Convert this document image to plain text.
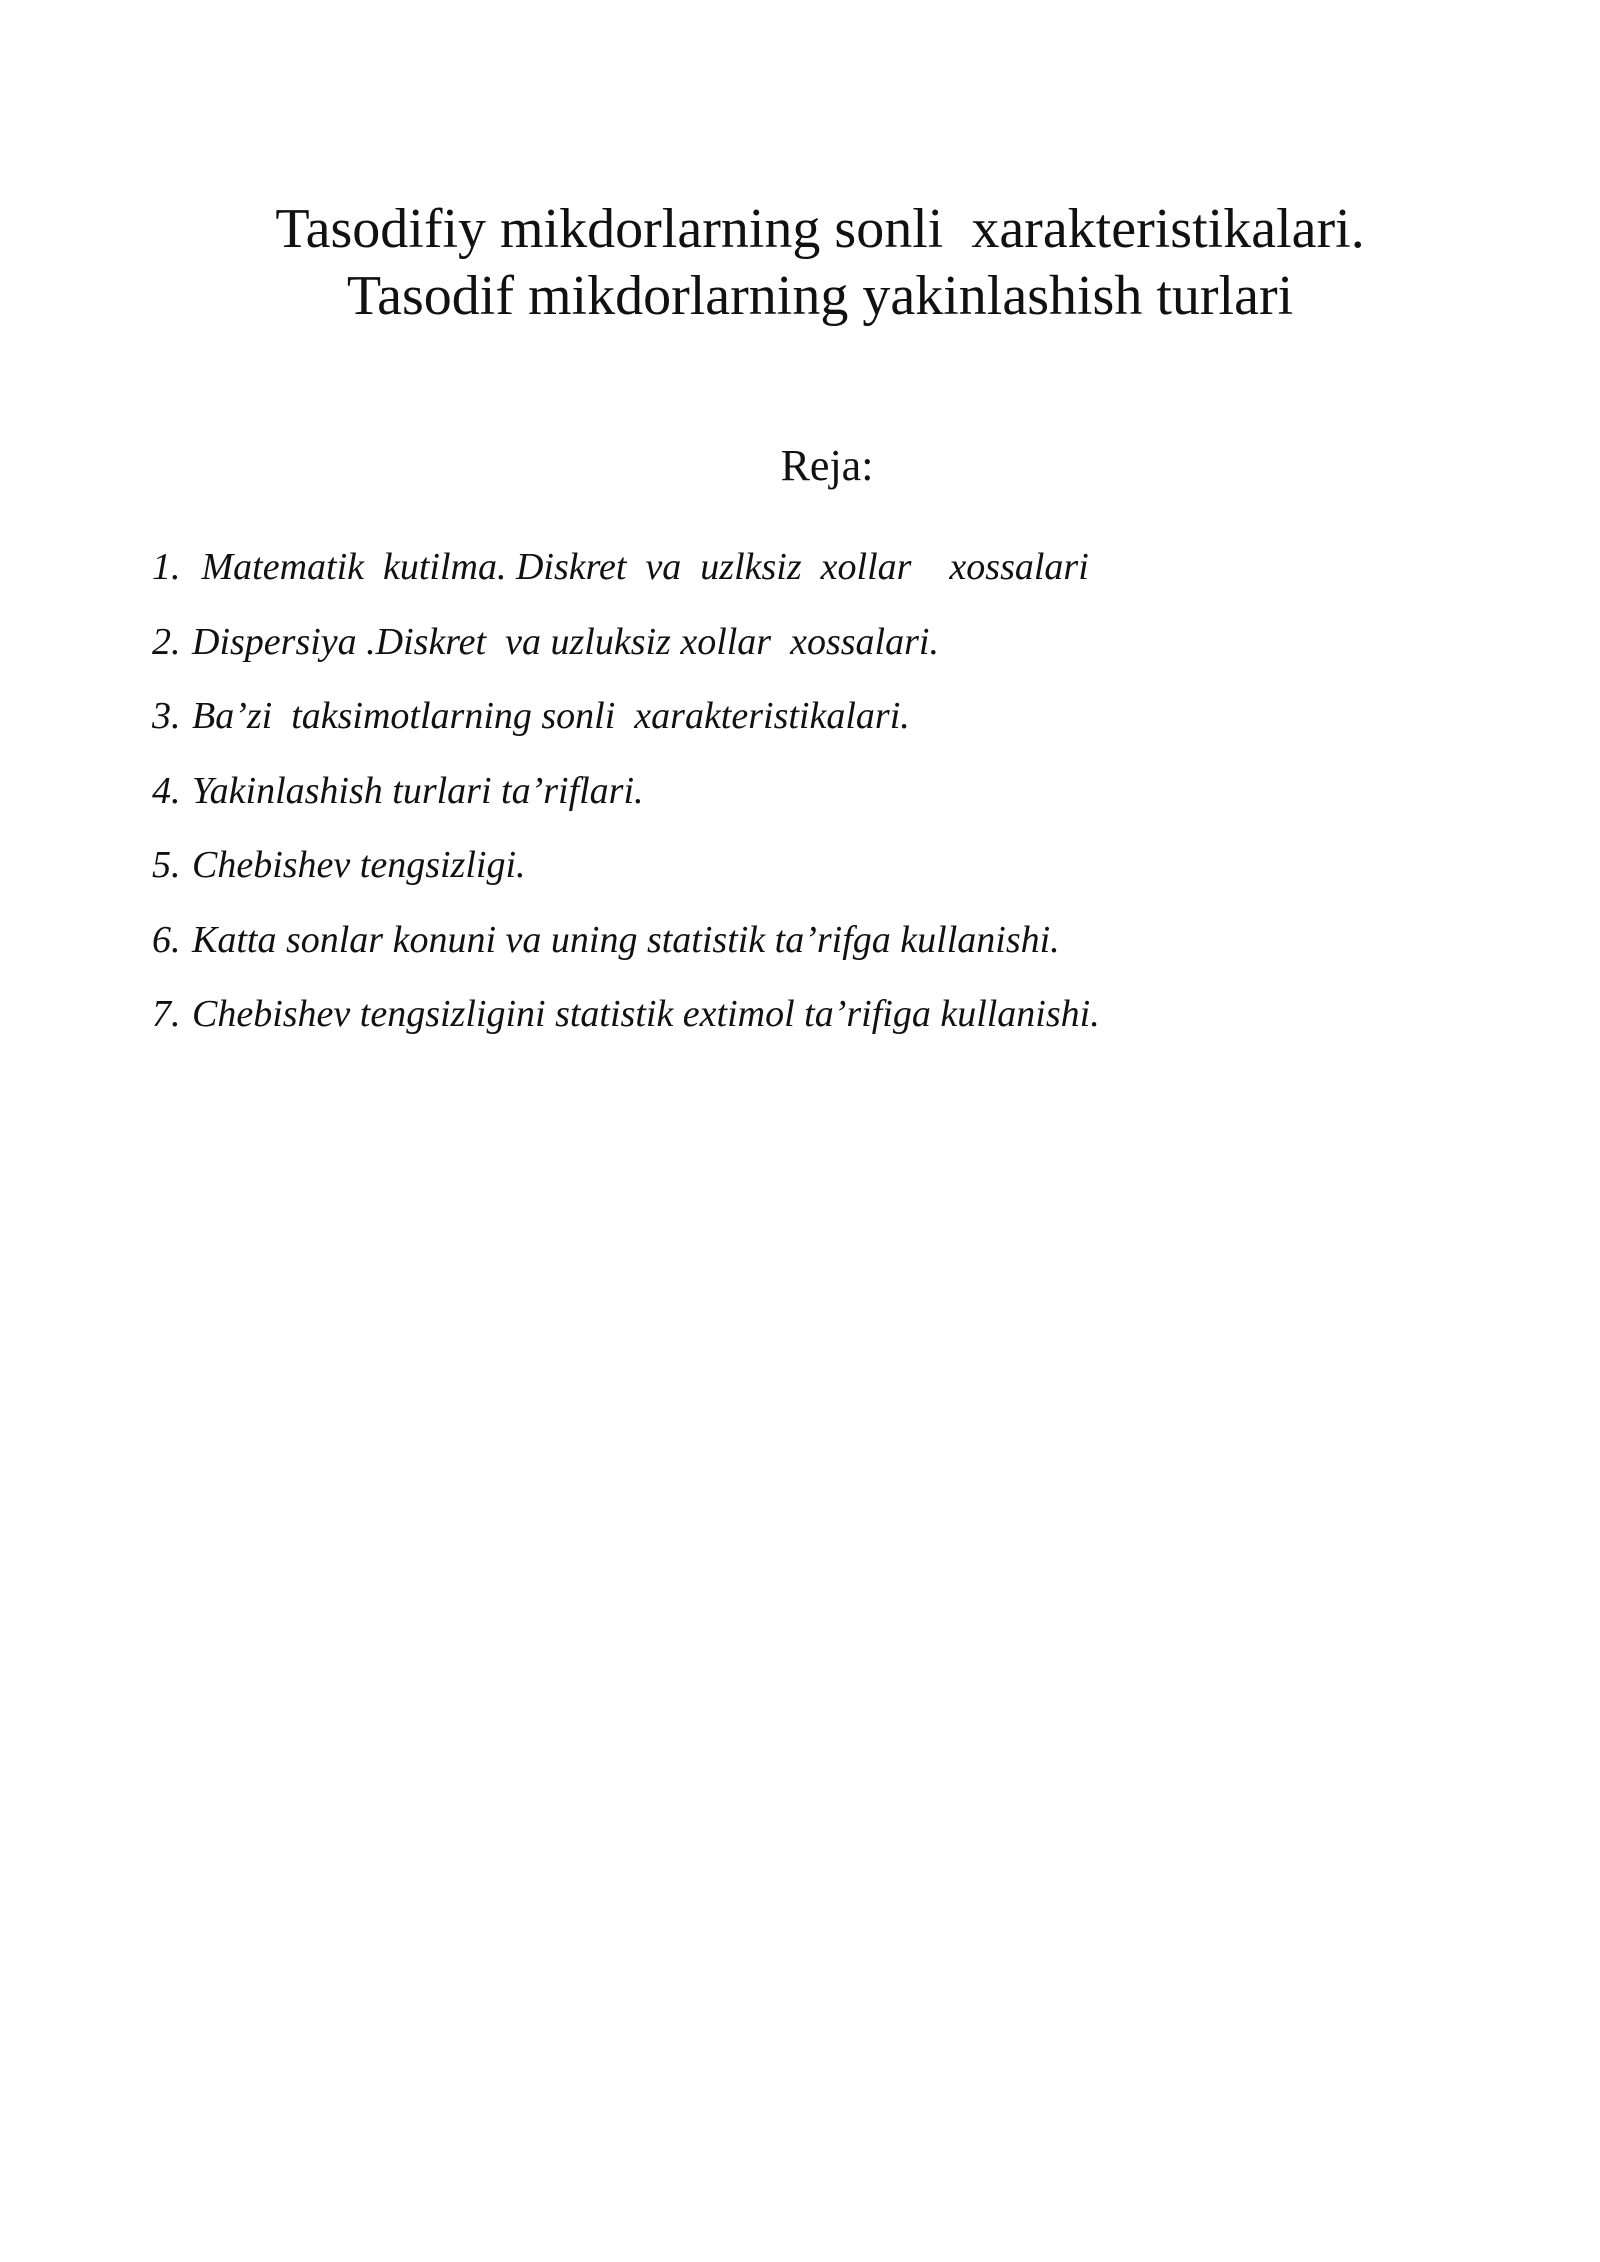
Tasodifiy mikdorlarning sonli  xarakteristikalari.
Tasodif mikdorlarning yakinlashish turlari
Reja:
1. Matematik  kutilma. Diskret  va  uzlksiz  xollar    xossalari
2. Dispersiya .Diskret  va uzluksiz xollar  xossalari.
3. Ba’zi  taksimotlarning sonli  xarakteristikalari.
4. Yakinlashish turlari ta’riflari.
5. Chebishev tengsizligi.
6. Katta sonlar konuni va uning statistik ta’rifga kullanishi.
7. Chebishev tengsizligini statistik extimol ta’rifiga kullanishi.
